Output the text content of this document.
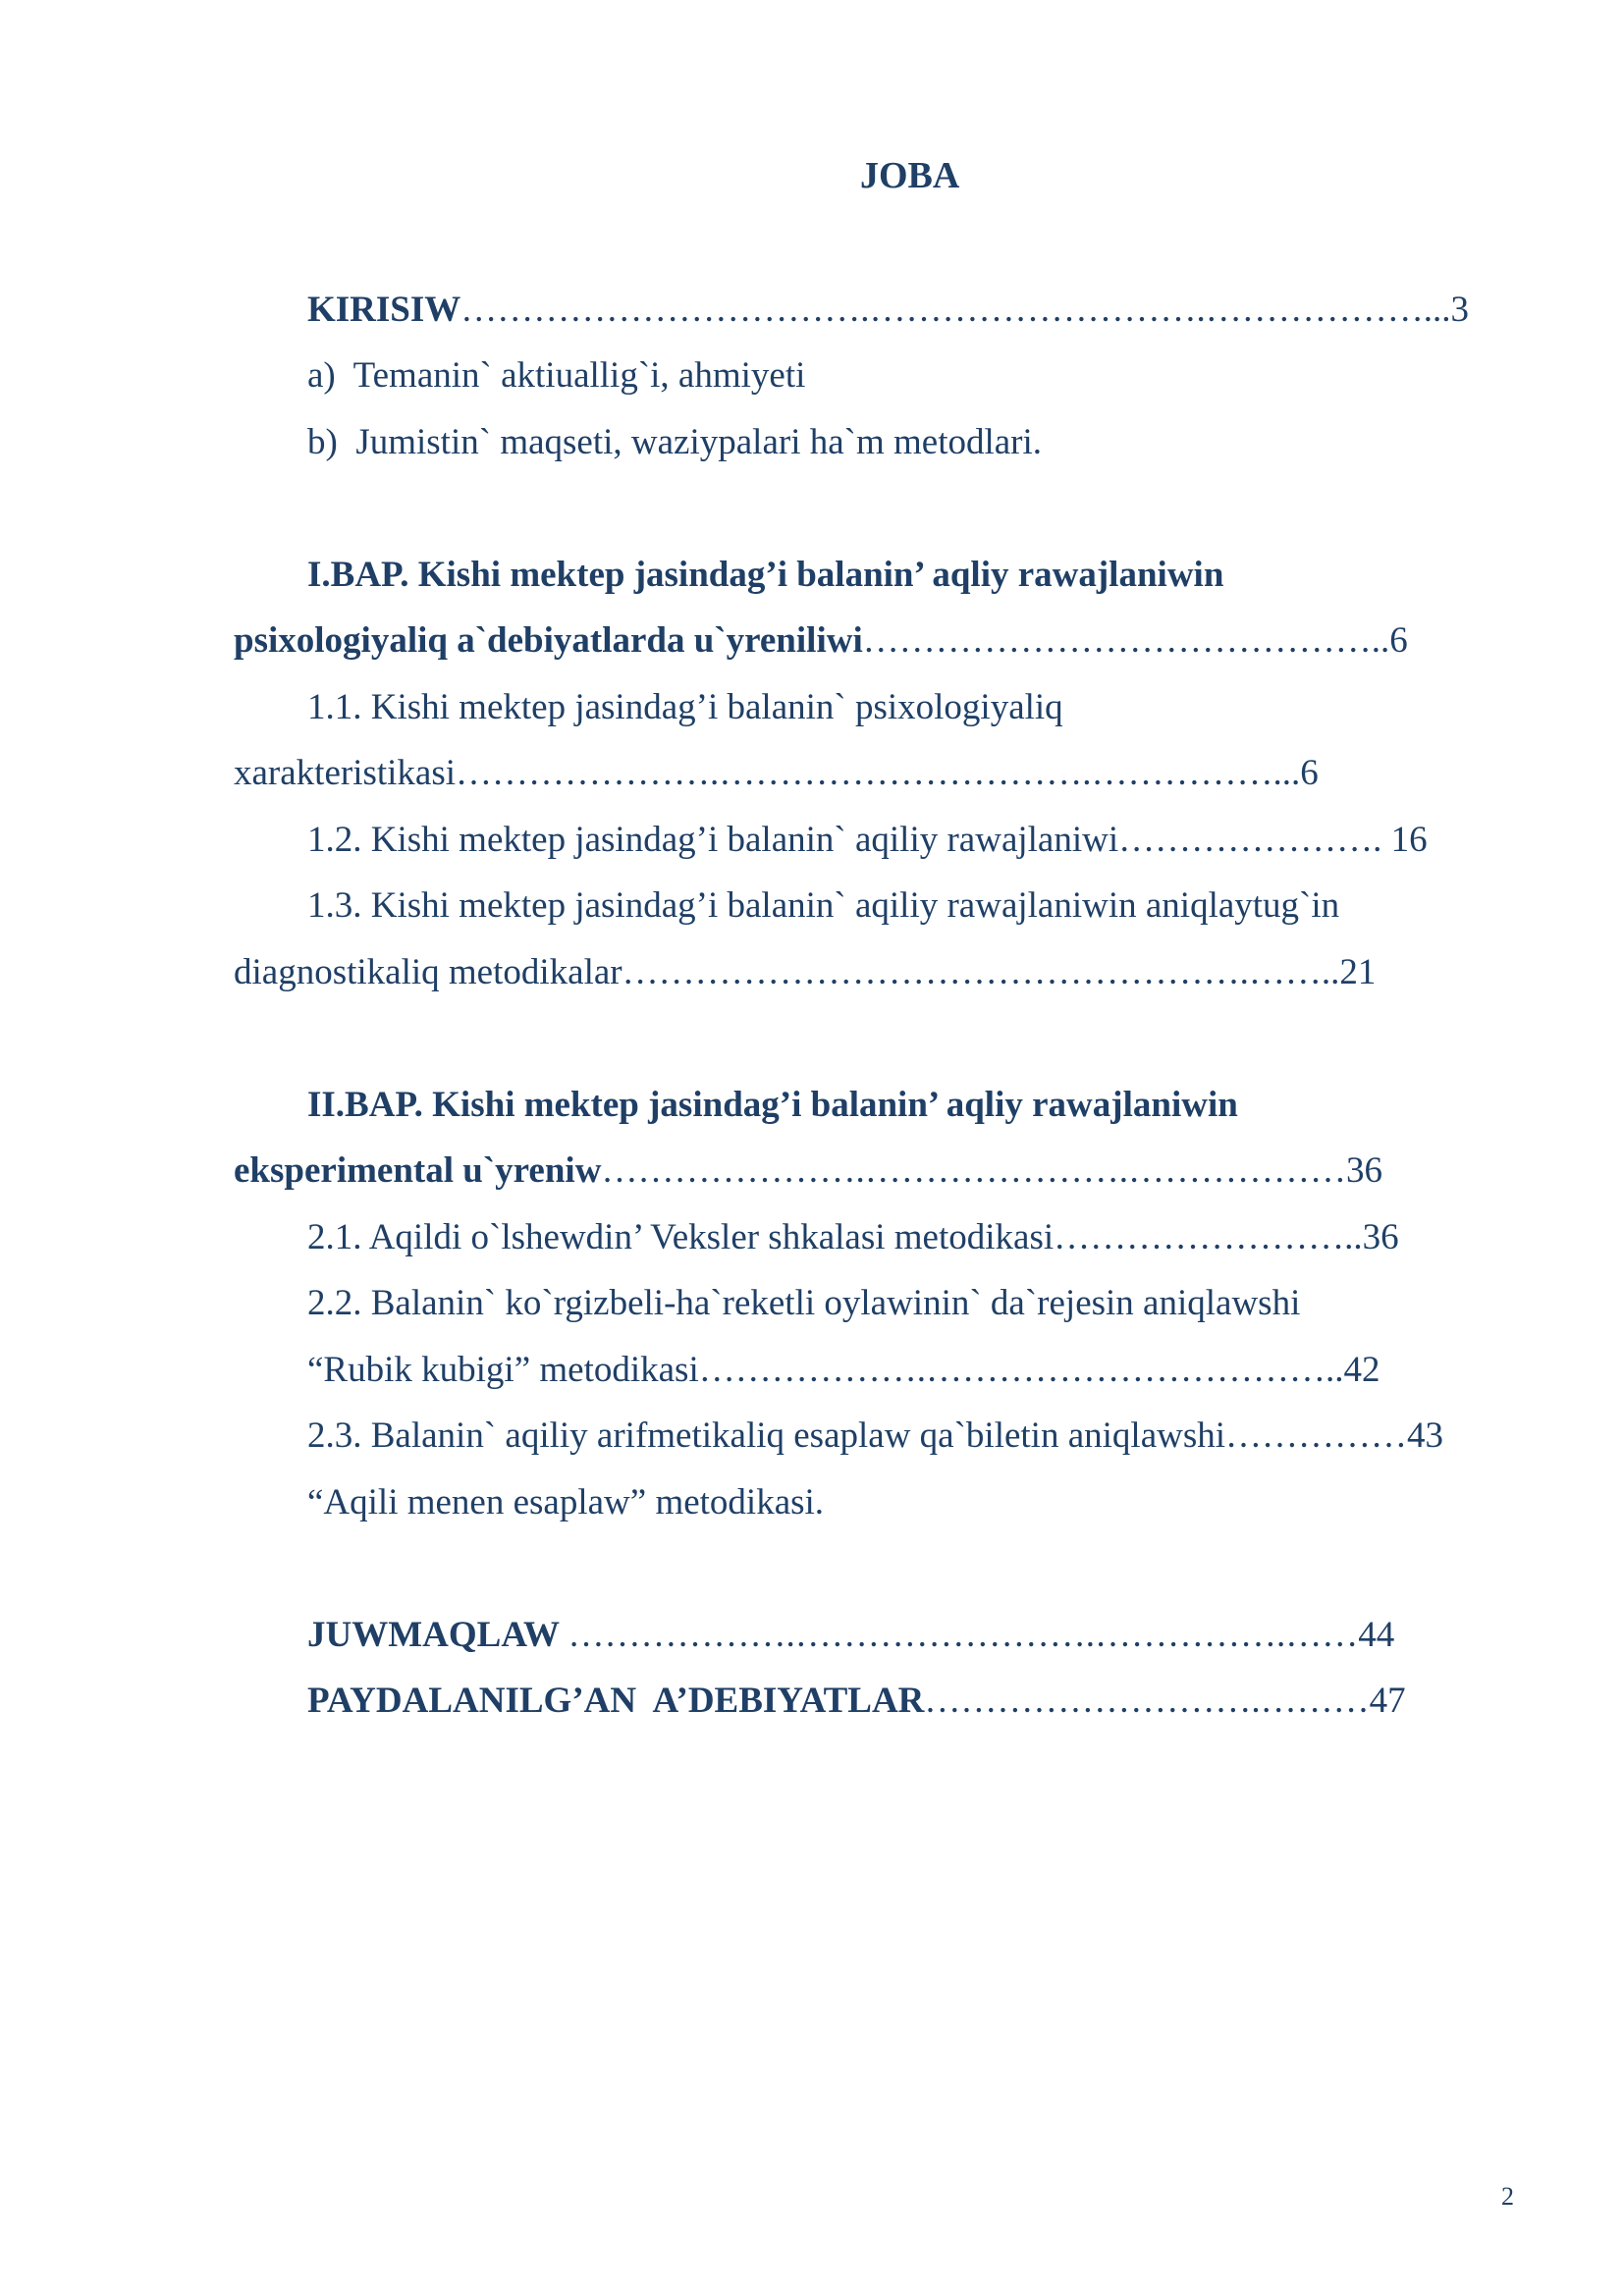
JOBA
KIRISIW…………………………….……………………….………………...3
a) Temanin` aktiuallig`i, ahmiyeti
b) Jumistin` maqseti, waziypalari ha`m metodlari.
I.BAP. Kishi mektep jasindag’i balanin’ aqliy rawajlaniwin
psixologiyaliq a`debiyatlarda u`yreniliwi……………………………………..6
1.1. Kishi mektep jasindag’i balanin` psixologiyaliq
xarakteristikasi………………….………………………….……………...6
1.2. Kishi mektep jasindag’i balanin` aqiliy rawajlaniwi…………………. 16
1.3. Kishi mektep jasindag’i balanin` aqiliy rawajlaniwin aniqlaytug`in
diagnostikaliq metodikalar…………………………………………….……..21
II.BAP. Kishi mektep jasindag’i balanin’ aqliy rawajlaniwin
eksperimental u`yreniw………………….………………….………………36
2.1. Aqildi o`lshewdin’ Veksler shkalasi metodikasi……………………..36
2.2. Balanin` ko`rgizbeli-ha`reketli oylawinin` da`rejesin aniqlawshi
“Rubik kubigi” metodikasi……………….……………………………..42
2.3. Balanin` aqiliy arifmetikaliq esaplaw qa`biletin aniqlawshi……………43
“Aqili menen esaplaw” metodikasi.
JUWMAQLAW ……………….…………………….…………….……44
PAYDALANILG’AN  A’DEBIYATLAR……………………….………47
2
